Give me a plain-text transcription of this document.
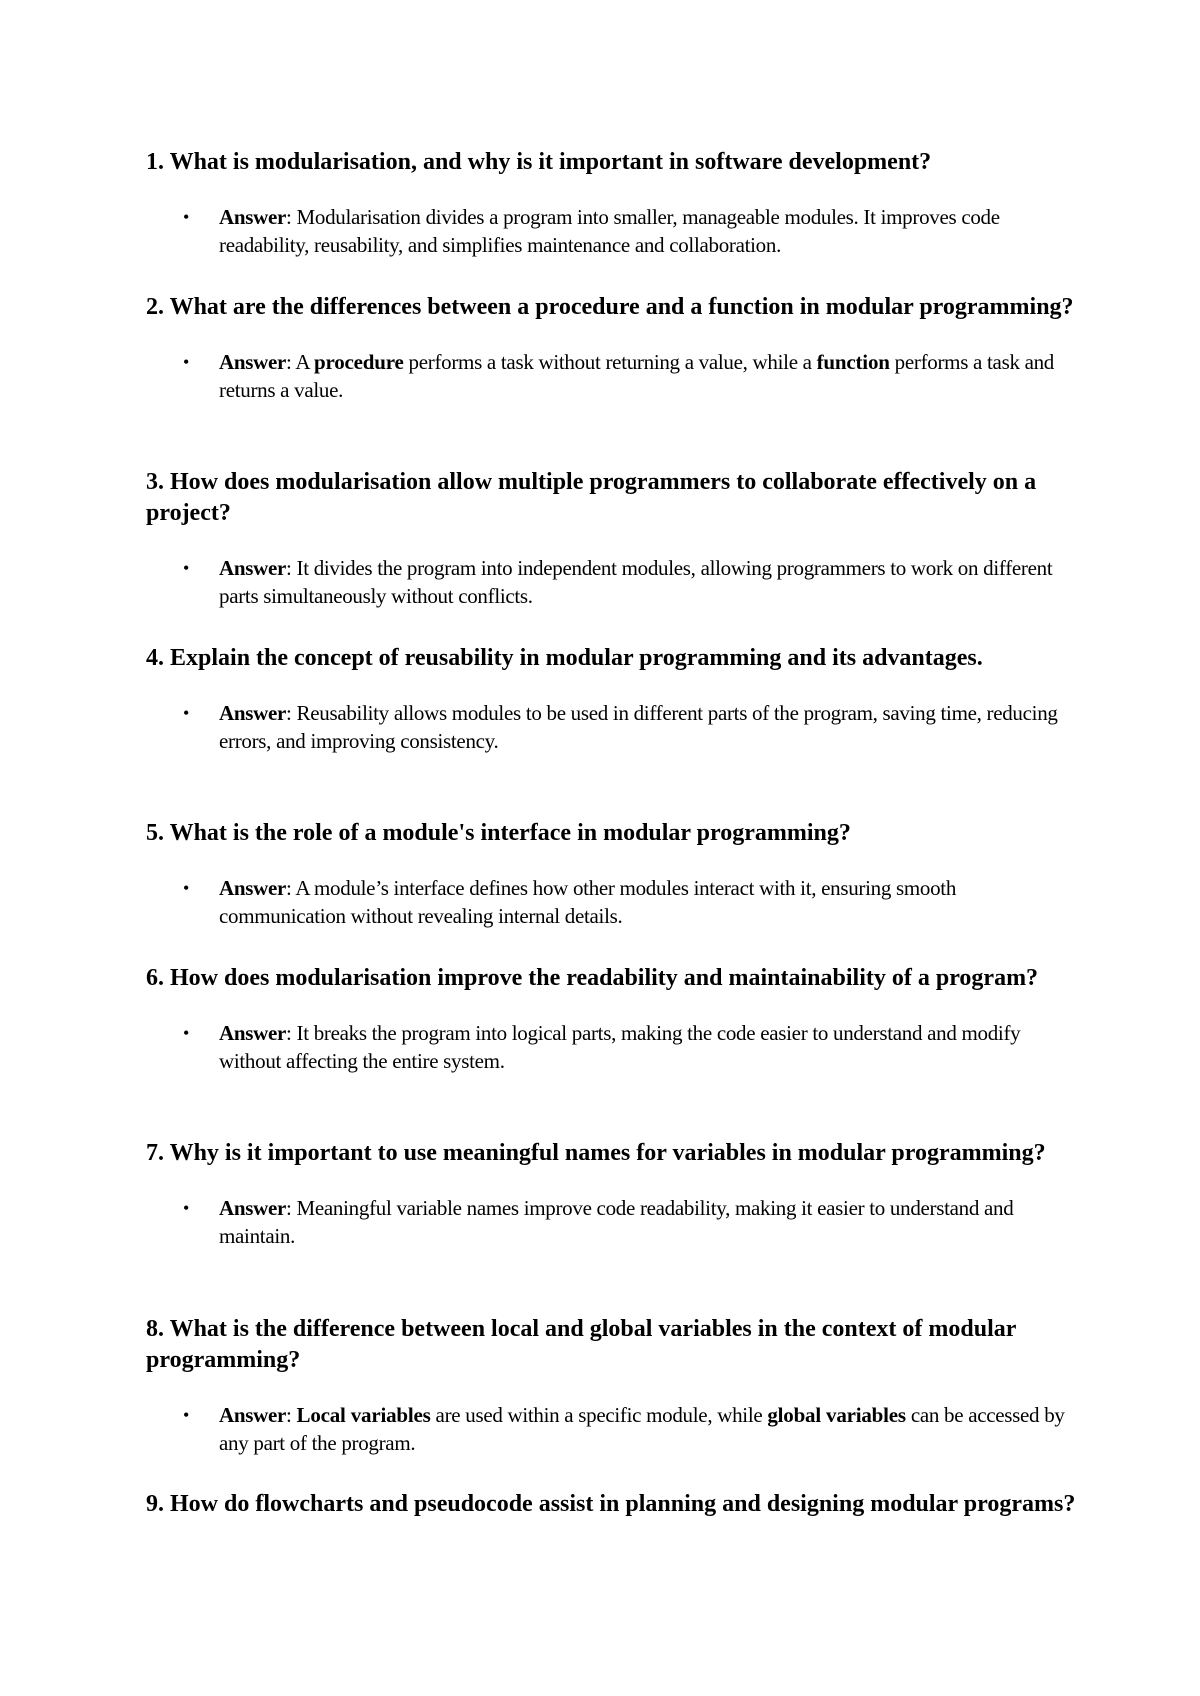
1. What is modularisation, and why is it important in software development?
• Answer: Modularisation divides a program into smaller, manageable modules. It improves code readability, reusability, and simplifies maintenance and collaboration.
2. What are the differences between a procedure and a function in modular programming?
• Answer: A procedure performs a task without returning a value, while a function performs a task and returns a value.
3. How does modularisation allow multiple programmers to collaborate effectively on a project?
• Answer: It divides the program into independent modules, allowing programmers to work on different parts simultaneously without conflicts.
4. Explain the concept of reusability in modular programming and its advantages.
• Answer: Reusability allows modules to be used in different parts of the program, saving time, reducing errors, and improving consistency.
5. What is the role of a module's interface in modular programming?
• Answer: A module’s interface defines how other modules interact with it, ensuring smooth communication without revealing internal details.
6. How does modularisation improve the readability and maintainability of a program?
• Answer: It breaks the program into logical parts, making the code easier to understand and modify without affecting the entire system.
7. Why is it important to use meaningful names for variables in modular programming?
• Answer: Meaningful variable names improve code readability, making it easier to understand and maintain.
8. What is the difference between local and global variables in the context of modular programming?
• Answer: Local variables are used within a specific module, while global variables can be accessed by any part of the program.
9. How do flowcharts and pseudocode assist in planning and designing modular programs?
